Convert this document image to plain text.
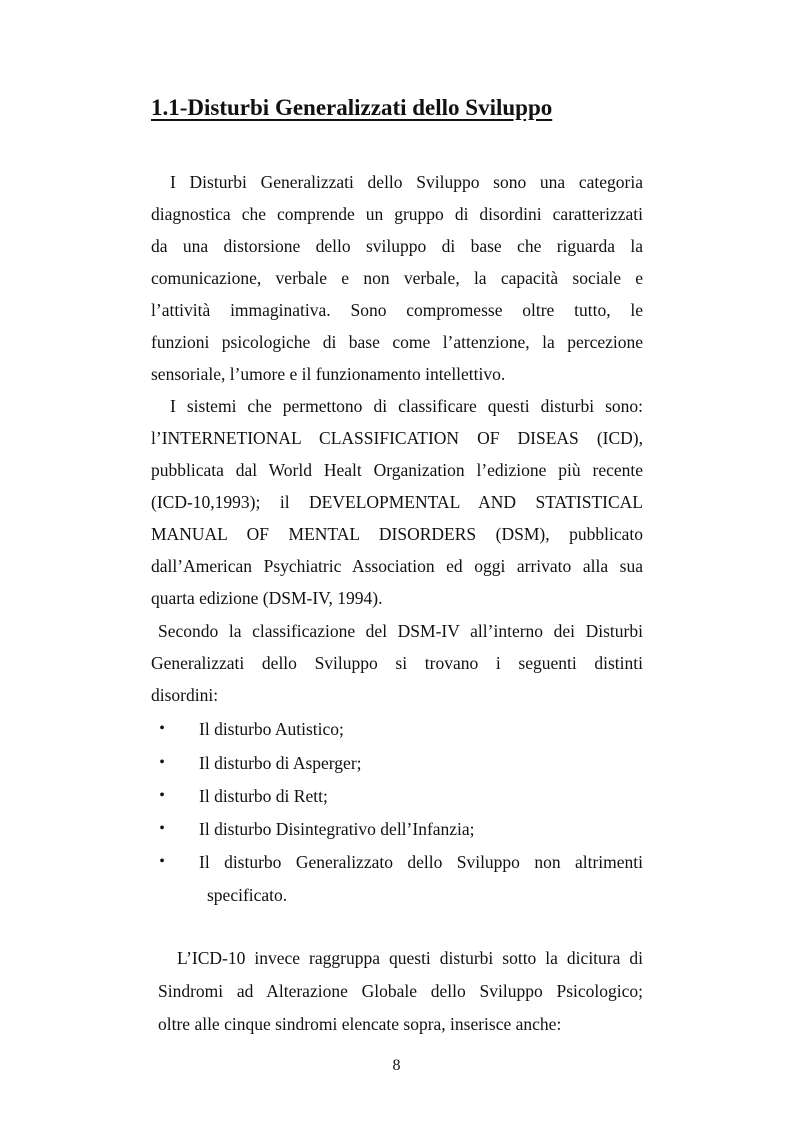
1.1-Disturbi Generalizzati dello Sviluppo
I Disturbi Generalizzati dello Sviluppo sono una categoria
diagnostica che comprende un gruppo di disordini caratterizzati
da una distorsione dello sviluppo di base che riguarda la
comunicazione, verbale e non verbale, la capacità sociale e
l’attività immaginativa. Sono compromesse oltre tutto, le
funzioni psicologiche di base come l’attenzione, la percezione
sensoriale, l’umore e il funzionamento intellettivo.
I sistemi che permettono di classificare questi disturbi sono:
l’INTERNETIONAL CLASSIFICATION OF DISEAS (ICD),
pubblicata dal World Healt Organization l’edizione più recente
(ICD-10,1993); il DEVELOPMENTAL AND STATISTICAL
MANUAL OF MENTAL DISORDERS (DSM), pubblicato
dall’American Psychiatric Association ed oggi arrivato alla sua
quarta edizione (DSM-IV, 1994).
Secondo la classificazione del DSM-IV all’interno dei Disturbi
Generalizzati dello Sviluppo si trovano i seguenti distinti
disordini:
• Il disturbo Autistico;
• Il disturbo di Asperger;
• Il disturbo di Rett;
• Il disturbo Disintegrativo dell’Infanzia;
• Il disturbo Generalizzato dello Sviluppo non altrimenti
specificato.
L’ICD-10 invece raggruppa questi disturbi sotto la dicitura di
Sindromi ad Alterazione Globale dello Sviluppo Psicologico;
oltre alle cinque sindromi elencate sopra, inserisce anche:
8
